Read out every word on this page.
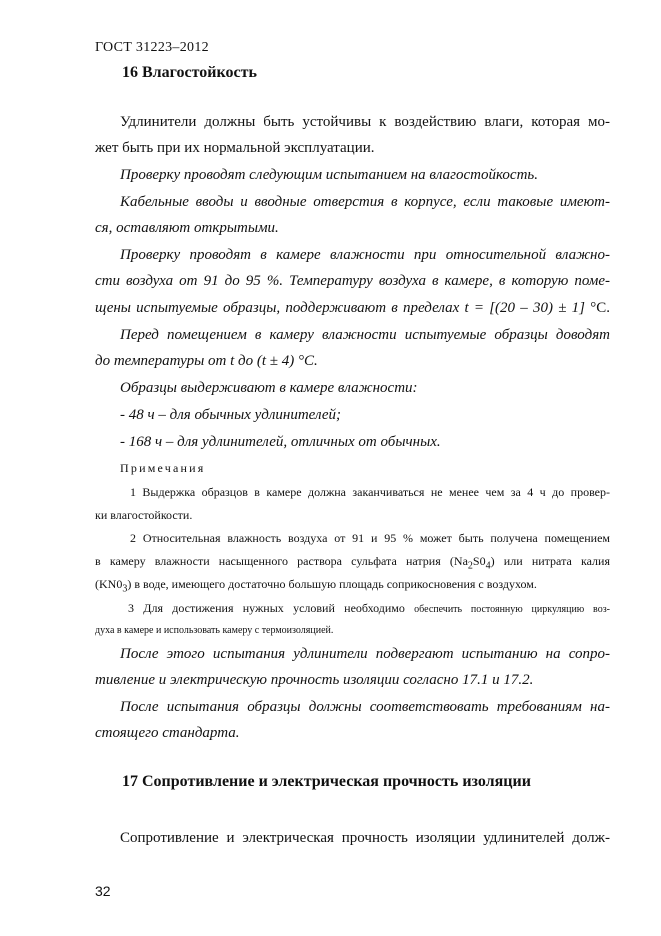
ГОСТ 31223–2012
16 Влагостойкость
Удлинители должны быть устойчивы к воздействию влаги, которая мо-
жет быть при их нормальной эксплуатации.
Проверку проводят следующим испытанием на влагостойкость.
Кабельные вводы и вводные отверстия в корпусе, если таковые имеют-
ся, оставляют открытыми.
Проверку проводят в камере влажности при относительной влажно-
сти воздуха от 91 до 95 %. Температуру воздуха в камере, в которую поме-
щены испытуемые образцы, поддерживают в пределах t = [(20 – 30) ± 1] °С.
Перед помещением в камеру влажности испытуемые образцы доводят
до температуры от t до (t ± 4) °С.
Образцы выдерживают в камере влажности:
- 48 ч – для обычных удлинителей;
- 168 ч – для удлинителей, отличных от обычных.
Примечания
1 Выдержка образцов в камере должна заканчиваться не менее чем за 4 ч до провер-
ки влагостойкости.
2 Относительная влажность воздуха от 91 и 95 % может быть получена помещением
в камеру влажности насыщенного раствора сульфата натрия $(Na_2S0_4)$ или нитрата калия
$(KN0_3)$ в воде, имеющего достаточно большую площадь соприкосновения с воздухом.
3 Для достижения нужных условий необходимо обеспечить постоянную циркуляцию воз-
духа в камере и использовать камеру с термоизоляцией.
После этого испытания удлинители подвергают испытанию на сопро-
тивление и электрическую прочность изоляции согласно 17.1 и 17.2.
После испытания образцы должны соответствовать требованиям на-
стоящего стандарта.
17 Сопротивление и электрическая прочность изоляции
Сопротивление и электрическая прочность изоляции удлинителей долж-
32
